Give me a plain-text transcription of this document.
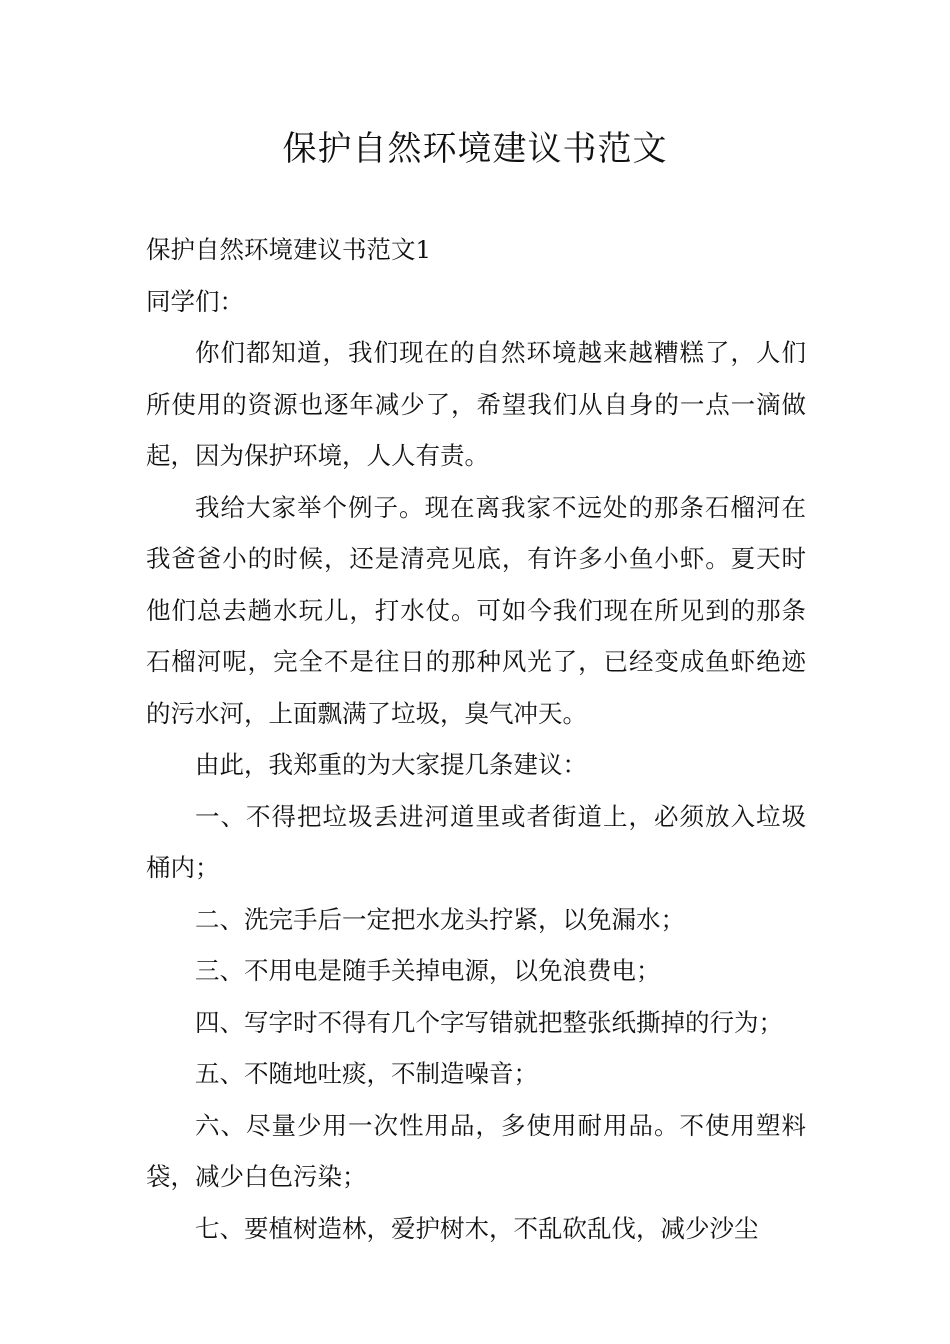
保护自然环境建议书范文

保护自然环境建议书范文1

同学们：

你们都知道，我们现在的自然环境越来越糟糕了，人们所使用的资源也逐年减少了，希望我们从自身的一点一滴做起，因为保护环境，人人有责。

我给大家举个例子。现在离我家不远处的那条石榴河在我爸爸小的时候，还是清亮见底，有许多小鱼小虾。夏天时他们总去趟水玩儿，打水仗。可如今我们现在所见到的那条石榴河呢，完全不是往日的那种风光了，已经变成鱼虾绝迹的污水河，上面飘满了垃圾，臭气冲天。

由此，我郑重的为大家提几条建议：

一、不得把垃圾丢进河道里或者街道上，必须放入垃圾桶内；

二、洗完手后一定把水龙头拧紧，以免漏水；

三、不用电是随手关掉电源，以免浪费电；

四、写字时不得有几个字写错就把整张纸撕掉的行为；

五、不随地吐痰，不制造噪音；

六、尽量少用一次性用品，多使用耐用品。不使用塑料袋，减少白色污染；

七、要植树造林，爱护树木，不乱砍乱伐，减少沙尘
